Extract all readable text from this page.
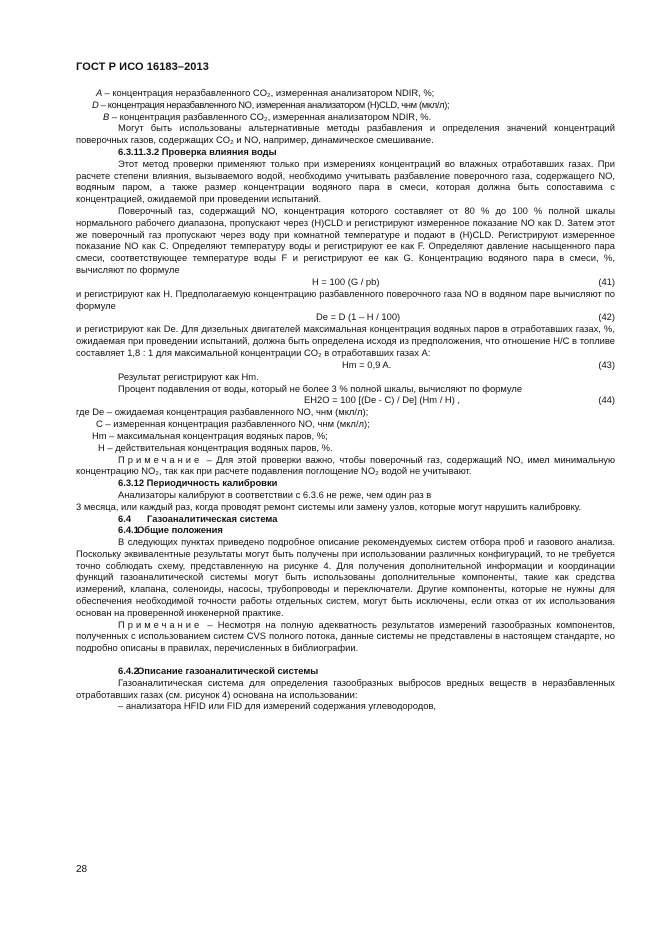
ГОСТ Р ИСО 16183–2013

A – концентрация неразбавленного CO₂, измеренная анализатором NDIR, %;

D – концентрация неразбавленного NO, измеренная анализатором (H)CLD, чнм (мкл/л);

B – концентрация разбавленного CO₂, измеренная анализатором NDIR, %.

Могут быть использованы альтернативные методы разбавления и определения значений концентраций поверочных газов, содержащих CO₂ и NO, например, динамическое смешивание.

6.3.11.3.2 Проверка влияния воды

Этот метод проверки применяют только при измерениях концентраций во влажных отработавших газах. При расчете степени влияния, вызываемого водой, необходимо учитывать разбавление поверочного газа, содержащего NO, водяным паром, а также размер концентрации водяного пара в смеси, которая должна быть сопоставима с концентрацией, ожидаемой при проведении испытаний.

Поверочный газ, содержащий NO, концентрация которого составляет от 80 % до 100 % полной шкалы нормального рабочего диапазона, пропускают через (H)CLD и регистрируют измеренное показание NO как D. Затем этот же поверочный газ пропускают через воду при комнатной температуре и подают в (H)CLD. Регистрируют измеренное показание NO как C. Определяют температуру воды и регистрируют ее как F. Определяют давление насыщенного пара смеси, соответствующее температуре воды F и регистрируют ее как G. Концентрацию водяного пара в смеси, %, вычисляют по формуле

H = 100 (G / pb)	(41)

и регистрируют как H. Предполагаемую концентрацию разбавленного поверочного газа NO в водяном паре вычисляют по формуле

De = D (1 – H / 100)	(42)

и регистрируют как De. Для дизельных двигателей максимальная концентрация водяных паров в отработавших газах, %, ожидаемая при проведении испытаний, должна быть определена исходя из предположения, что отношение H/C в топливе составляет 1,8 : 1 для максимальной концентрации CO₂ в отработавших газах A:

Hm = 0,9 A.	(43)

Результат регистрируют как Hm.

Процент подавления от воды, который не более 3 % полной шкалы, вычисляют по формуле

EH2O = 100 [(De - C) / De] (Hm / H) ,	(44)

где De – ожидаемая концентрация разбавленного NO, чнм (мкл/л);

C – измеренная концентрация разбавленного NO, чнм (мкл/л);

Hm – максимальная концентрация водяных паров, %;

H – действительная концентрация водяных паров, %.

Примечание – Для этой проверки важно, чтобы поверочный газ, содержащий NO, имел минимальную концентрацию NO₂, так как при расчете подавления поглощение NO₂ водой не учитывают.

6.3.12 Периодичность калибровки

Анализаторы калибруют в соответствии с 6.3.6 не реже, чем один раз в

3 месяца, или каждый раз, когда проводят ремонт системы или замену узлов, которые могут нарушить калибровку.

6.4 Газоаналитическая система

6.4.1Общие положения

В следующих пунктах приведено подробное описание рекомендуемых систем отбора проб и газового анализа. Поскольку эквивалентные результаты могут быть получены при использовании различных конфигураций, то не требуется точно соблюдать схему, представленную на рисунке 4. Для получения дополнительной информации и координации функций газоаналитической системы могут быть использованы дополнительные компоненты, такие как средства измерений, клапана, соленоиды, насосы, трубопроводы и переключатели. Другие компоненты, которые не нужны для обеспечения необходимой точности работы отдельных систем, могут быть исключены, если отказ от их использования основан на проверенной инженерной практике.

Примечание – Несмотря на полную адекватность результатов измерений газообразных компонентов, полученных с использованием систем CVS полного потока, данные системы не представлены в настоящем стандарте, но подробно описаны в правилах, перечисленных в библиографии.

6.4.2Описание газоаналитической системы

Газоаналитическая система для определения газообразных выбросов вредных веществ в неразбавленных отработавших газах (см. рисунок 4) основана на использовании:

– анализатора HFID или FID для измерений содержания углеводородов,

28
